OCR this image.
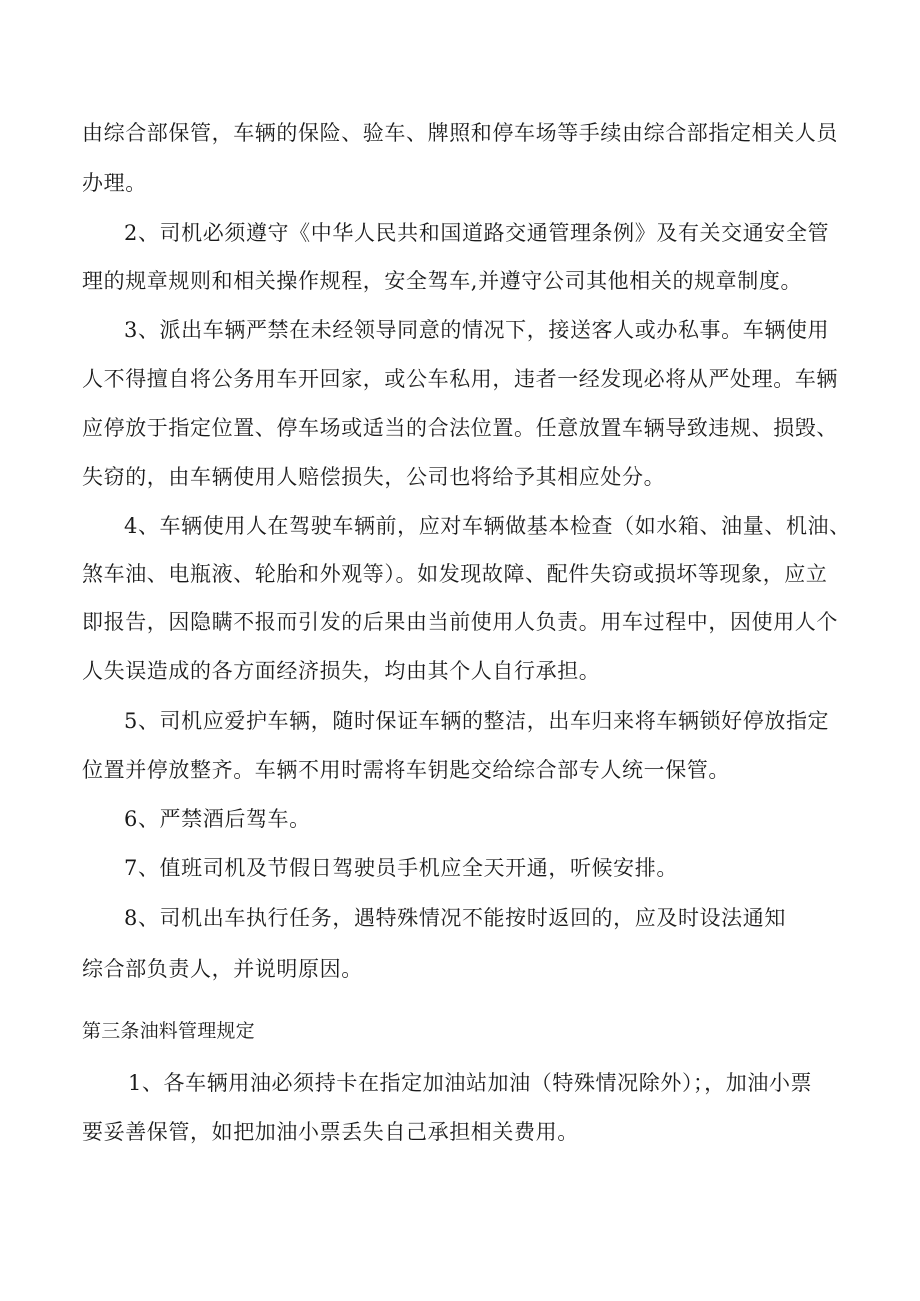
由综合部保管，车辆的保险、验车、牌照和停车场等手续由综合部指定相关人员
办理。
2、司机必须遵守《中华人民共和国道路交通管理条例》及有关交通安全管
理的规章规则和相关操作规程，安全驾车,并遵守公司其他相关的规章制度。
3、派出车辆严禁在未经领导同意的情况下，接送客人或办私事。车辆使用
人不得擅自将公务用车开回家，或公车私用，违者一经发现必将从严处理。车辆
应停放于指定位置、停车场或适当的合法位置。任意放置车辆导致违规、损毁、
失窃的，由车辆使用人赔偿损失，公司也将给予其相应处分。
4、车辆使用人在驾驶车辆前，应对车辆做基本检查（如水箱、油量、机油、
煞车油、电瓶液、轮胎和外观等）。如发现故障、配件失窃或损坏等现象，应立
即报告，因隐瞒不报而引发的后果由当前使用人负责。用车过程中，因使用人个
人失误造成的各方面经济损失，均由其个人自行承担。
5、司机应爱护车辆，随时保证车辆的整洁，出车归来将车辆锁好停放指定
位置并停放整齐。车辆不用时需将车钥匙交给综合部专人统一保管。
6、严禁酒后驾车。
7、值班司机及节假日驾驶员手机应全天开通，听候安排。
8、司机出车执行任务，遇特殊情况不能按时返回的，应及时设法通知
综合部负责人，并说明原因。
第三条油料管理规定
1、各车辆用油必须持卡在指定加油站加油（特殊情况除外）；，加油小票
要妥善保管，如把加油小票丢失自己承担相关费用。
